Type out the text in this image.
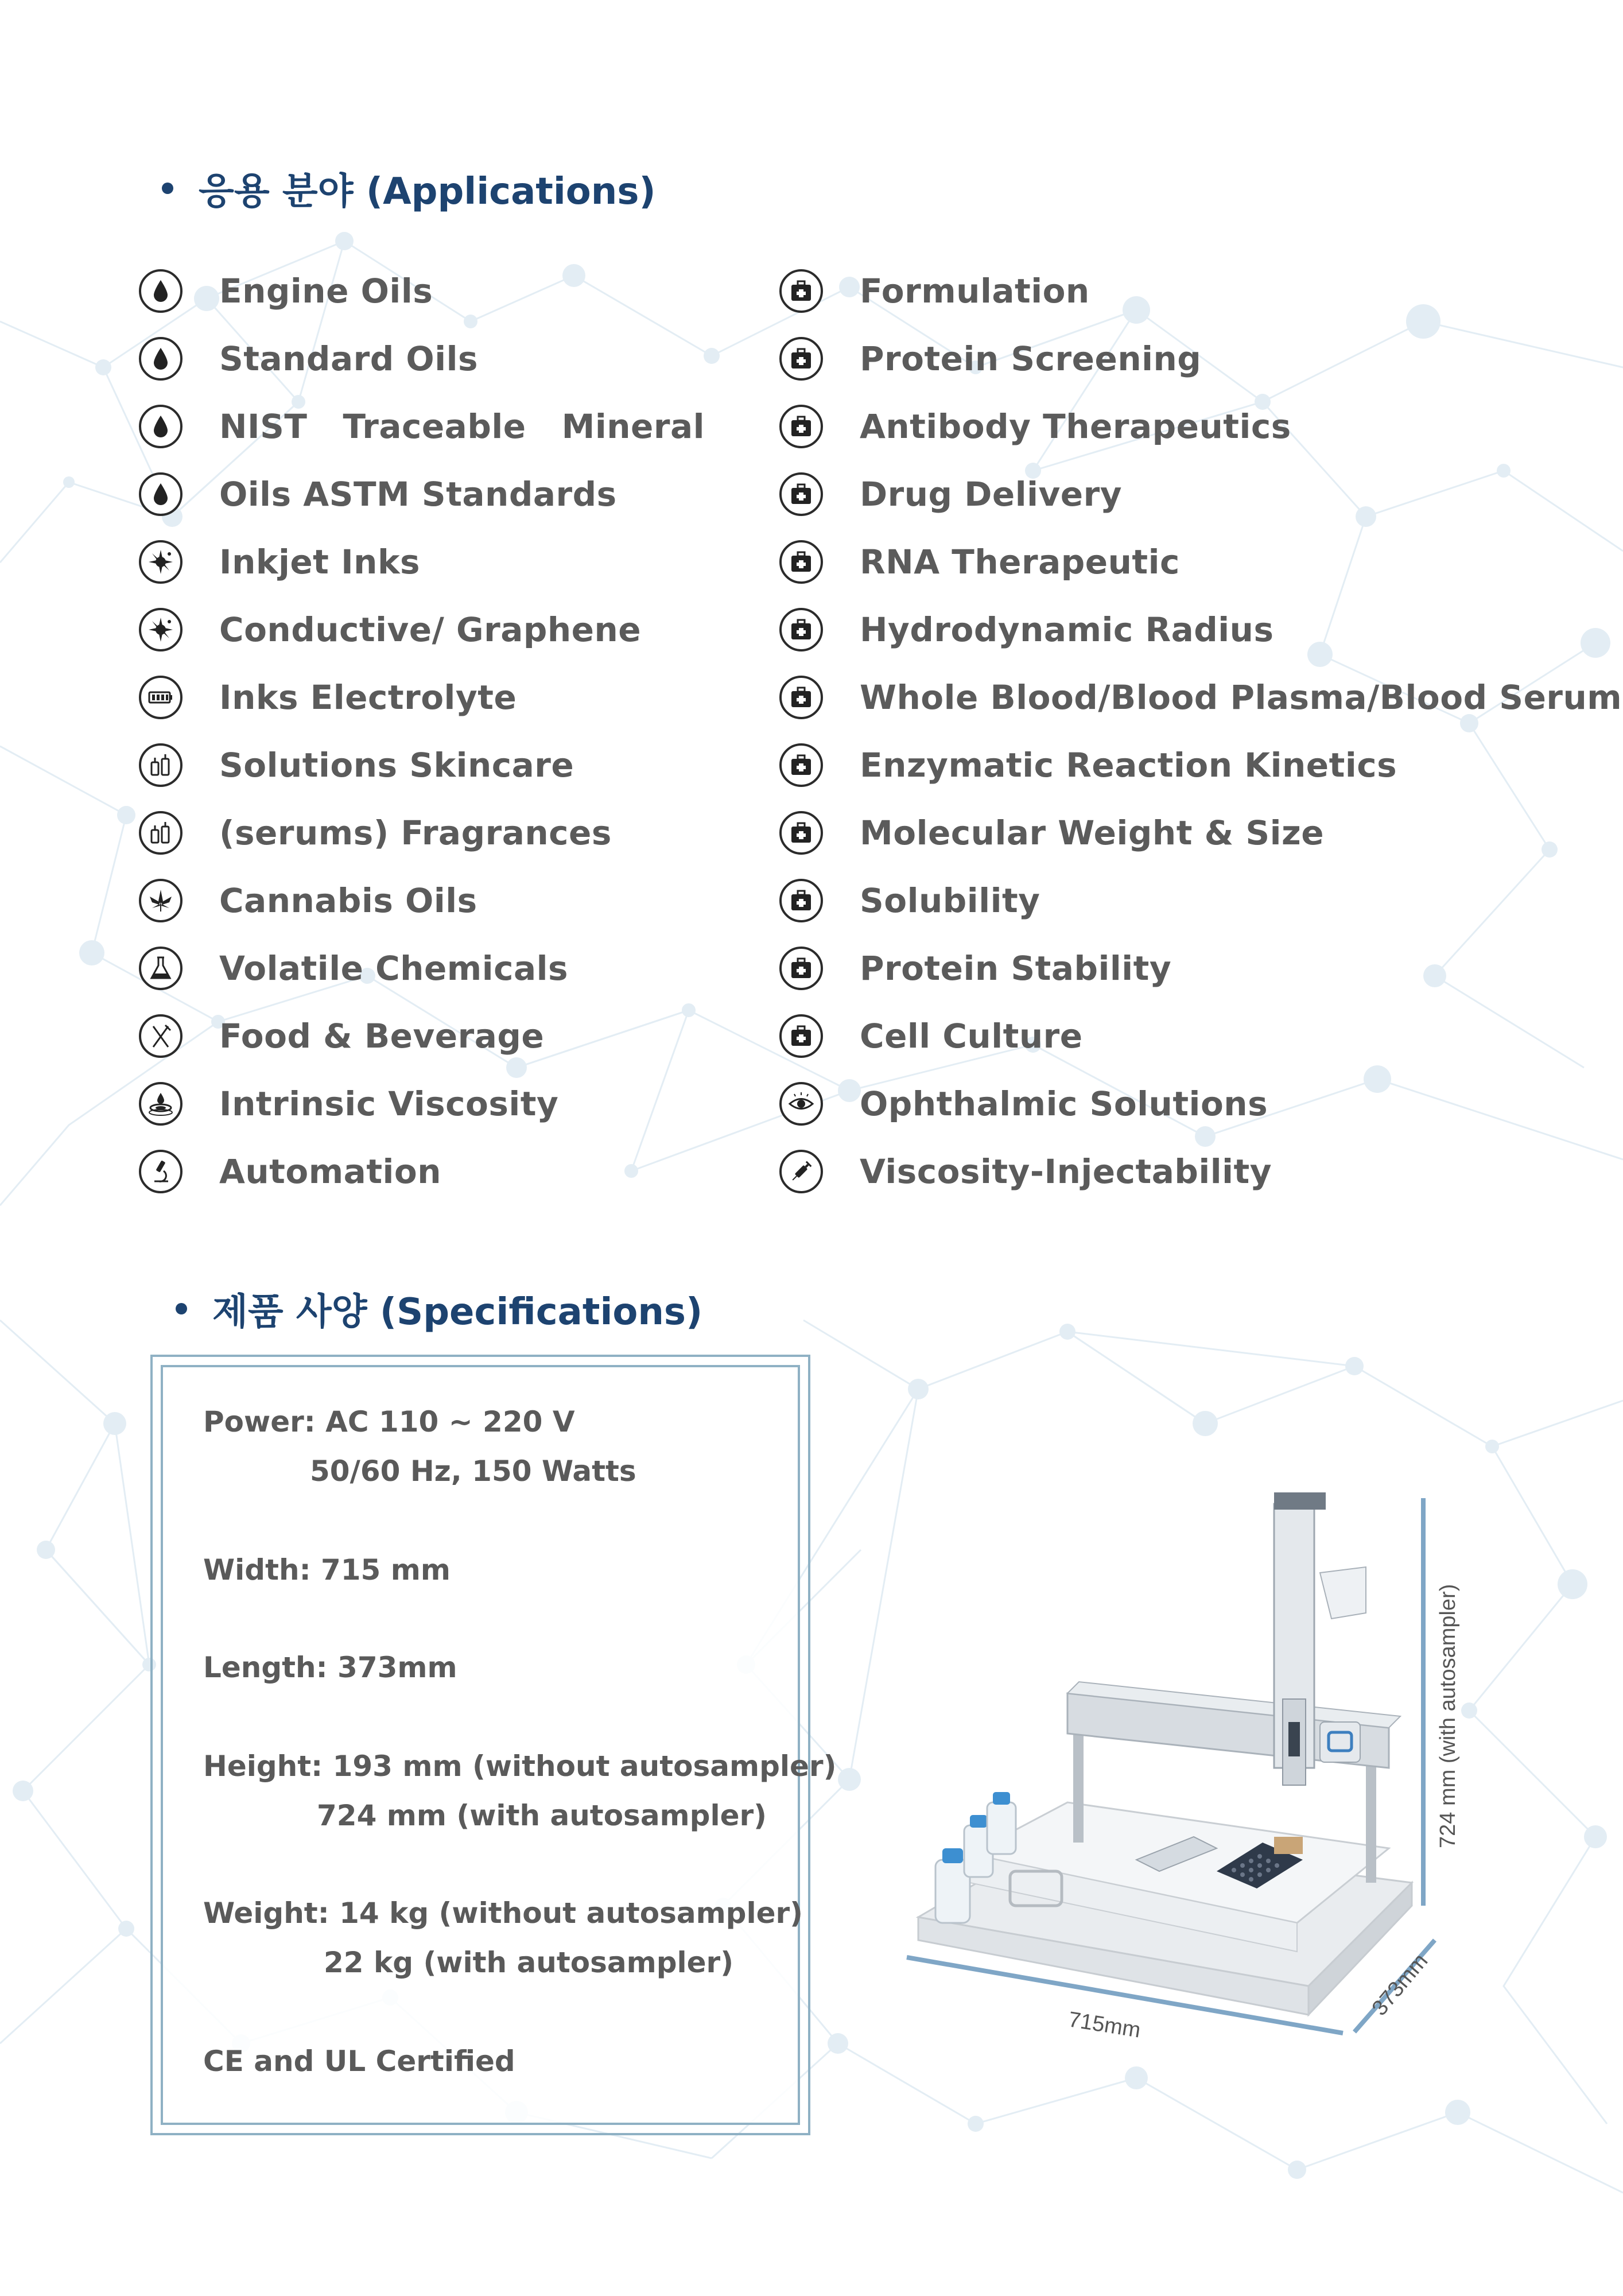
응용 분야 (Applications)
Engine Oils
Standard Oils
NIST   Traceable   Mineral
Oils ASTM Standards
Inkjet Inks
Conductive/ Graphene
Inks Electrolyte
Solutions Skincare
(serums) Fragrances
Cannabis Oils
Volatile Chemicals
Food & Beverage
Intrinsic Viscosity
Automation
Formulation
Protein Screening
Antibody Therapeutics
Drug Delivery
RNA Therapeutic
Hydrodynamic Radius
Whole Blood/Blood Plasma/Blood Serum
Enzymatic Reaction Kinetics
Molecular Weight & Size
Solubility
Protein Stability
Cell Culture
Ophthalmic Solutions
Viscosity-Injectability
제품 사양 (Specifications)
Power: AC 110 ~ 220 V
50/60 Hz, 150 Watts
Width: 715 mm
Length: 373mm
Height: 193 mm (without autosampler)
724 mm (with autosampler)
Weight: 14 kg (without autosampler)
22 kg (with autosampler)
CE and UL Certified
715mm
373mm
724 mm (with autosampler)
